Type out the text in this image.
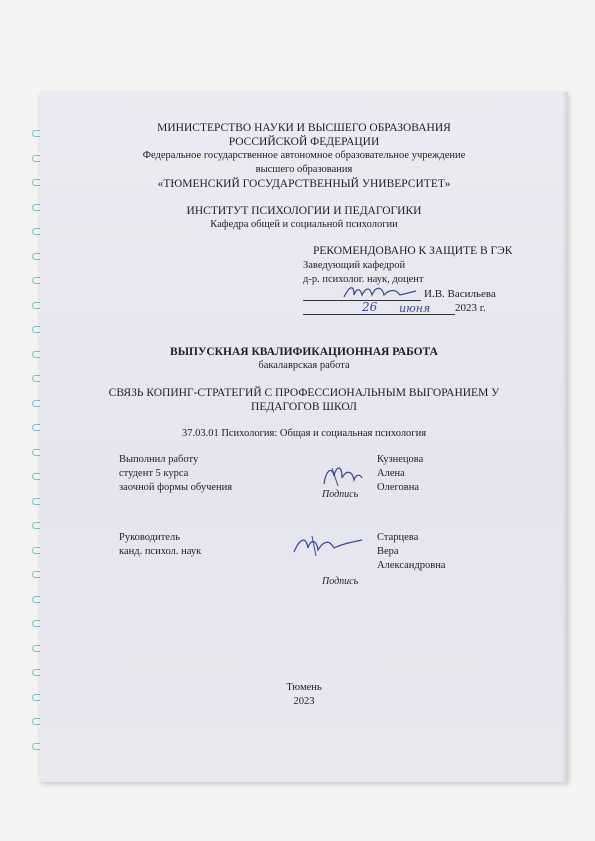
МИНИСТЕРСТВО НАУКИ И ВЫСШЕГО ОБРАЗОВАНИЯ
РОССИЙСКОЙ ФЕДЕРАЦИИ
Федеральное государственное автономное образовательное учреждение
высшего образования
«ТЮМЕНСКИЙ ГОСУДАРСТВЕННЫЙ УНИВЕРСИТЕТ»
ИНСТИТУТ ПСИХОЛОГИИ И ПЕДАГОГИКИ
Кафедра общей и социальной психологии
РЕКОМЕНДОВАНО К ЗАЩИТЕ В ГЭК
Заведующий кафедрой
д-р. психолог. наук, доцент
И.В. Васильева
26 июня 2023 г.
ВЫПУСКНАЯ КВАЛИФИКАЦИОННАЯ РАБОТА
бакалаврская работа
СВЯЗЬ КОПИНГ-СТРАТЕГИЙ С ПРОФЕССИОНАЛЬНЫМ ВЫГОРАНИЕМ У
ПЕДАГОГОВ ШКОЛ
37.03.01 Психология: Общая и социальная психология
Выполнил работу
студент 5 курса
заочной формы обучения
Подпись
Кузнецова
Алена
Олеговна
Руководитель
канд. психол. наук
Старцева
Вера
Александровна
Подпись
Тюмень
2023
